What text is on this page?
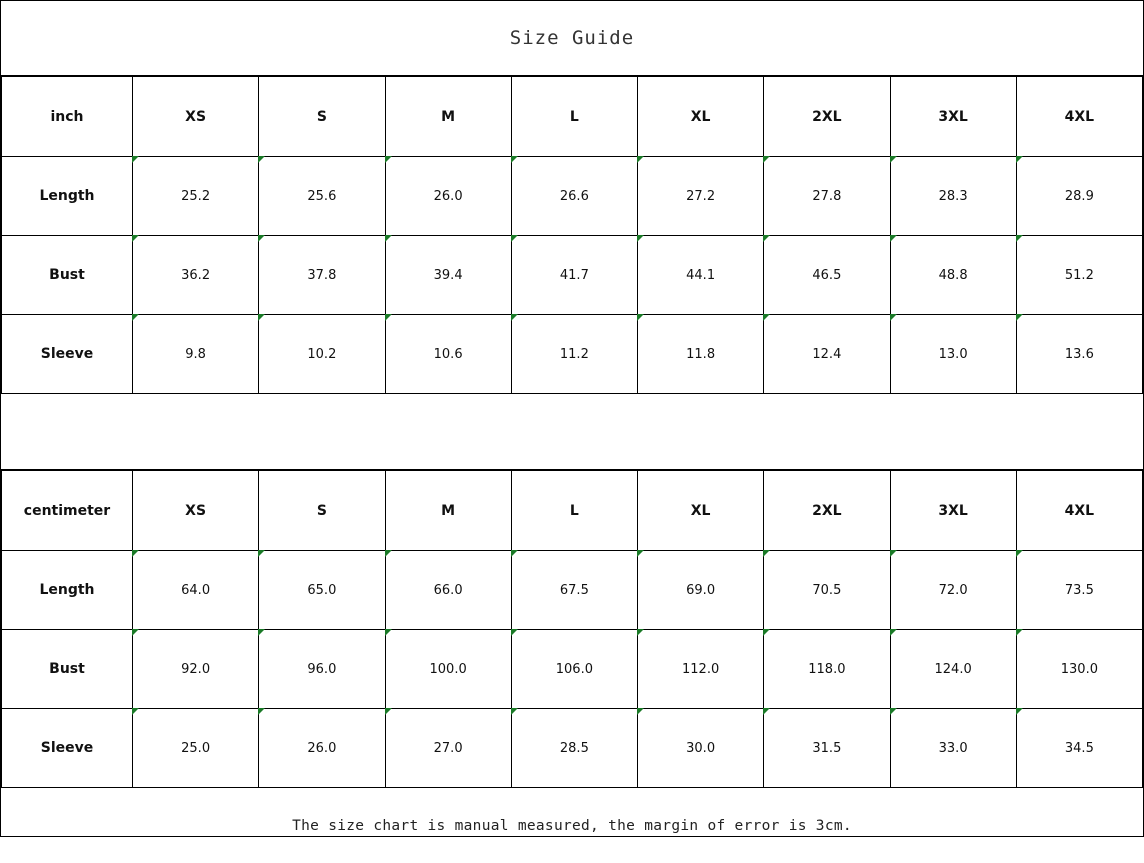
Size Guide
inch	XS	S	M	L	XL	2XL	3XL	4XL
Length	25.2	25.6	26.0	26.6	27.2	27.8	28.3	28.9
Bust	36.2	37.8	39.4	41.7	44.1	46.5	48.8	51.2
Sleeve	9.8	10.2	10.6	11.2	11.8	12.4	13.0	13.6
centimeter	XS	S	M	L	XL	2XL	3XL	4XL
Length	64.0	65.0	66.0	67.5	69.0	70.5	72.0	73.5
Bust	92.0	96.0	100.0	106.0	112.0	118.0	124.0	130.0
Sleeve	25.0	26.0	27.0	28.5	30.0	31.5	33.0	34.5
The size chart is manual measured, the margin of error is 3cm.
